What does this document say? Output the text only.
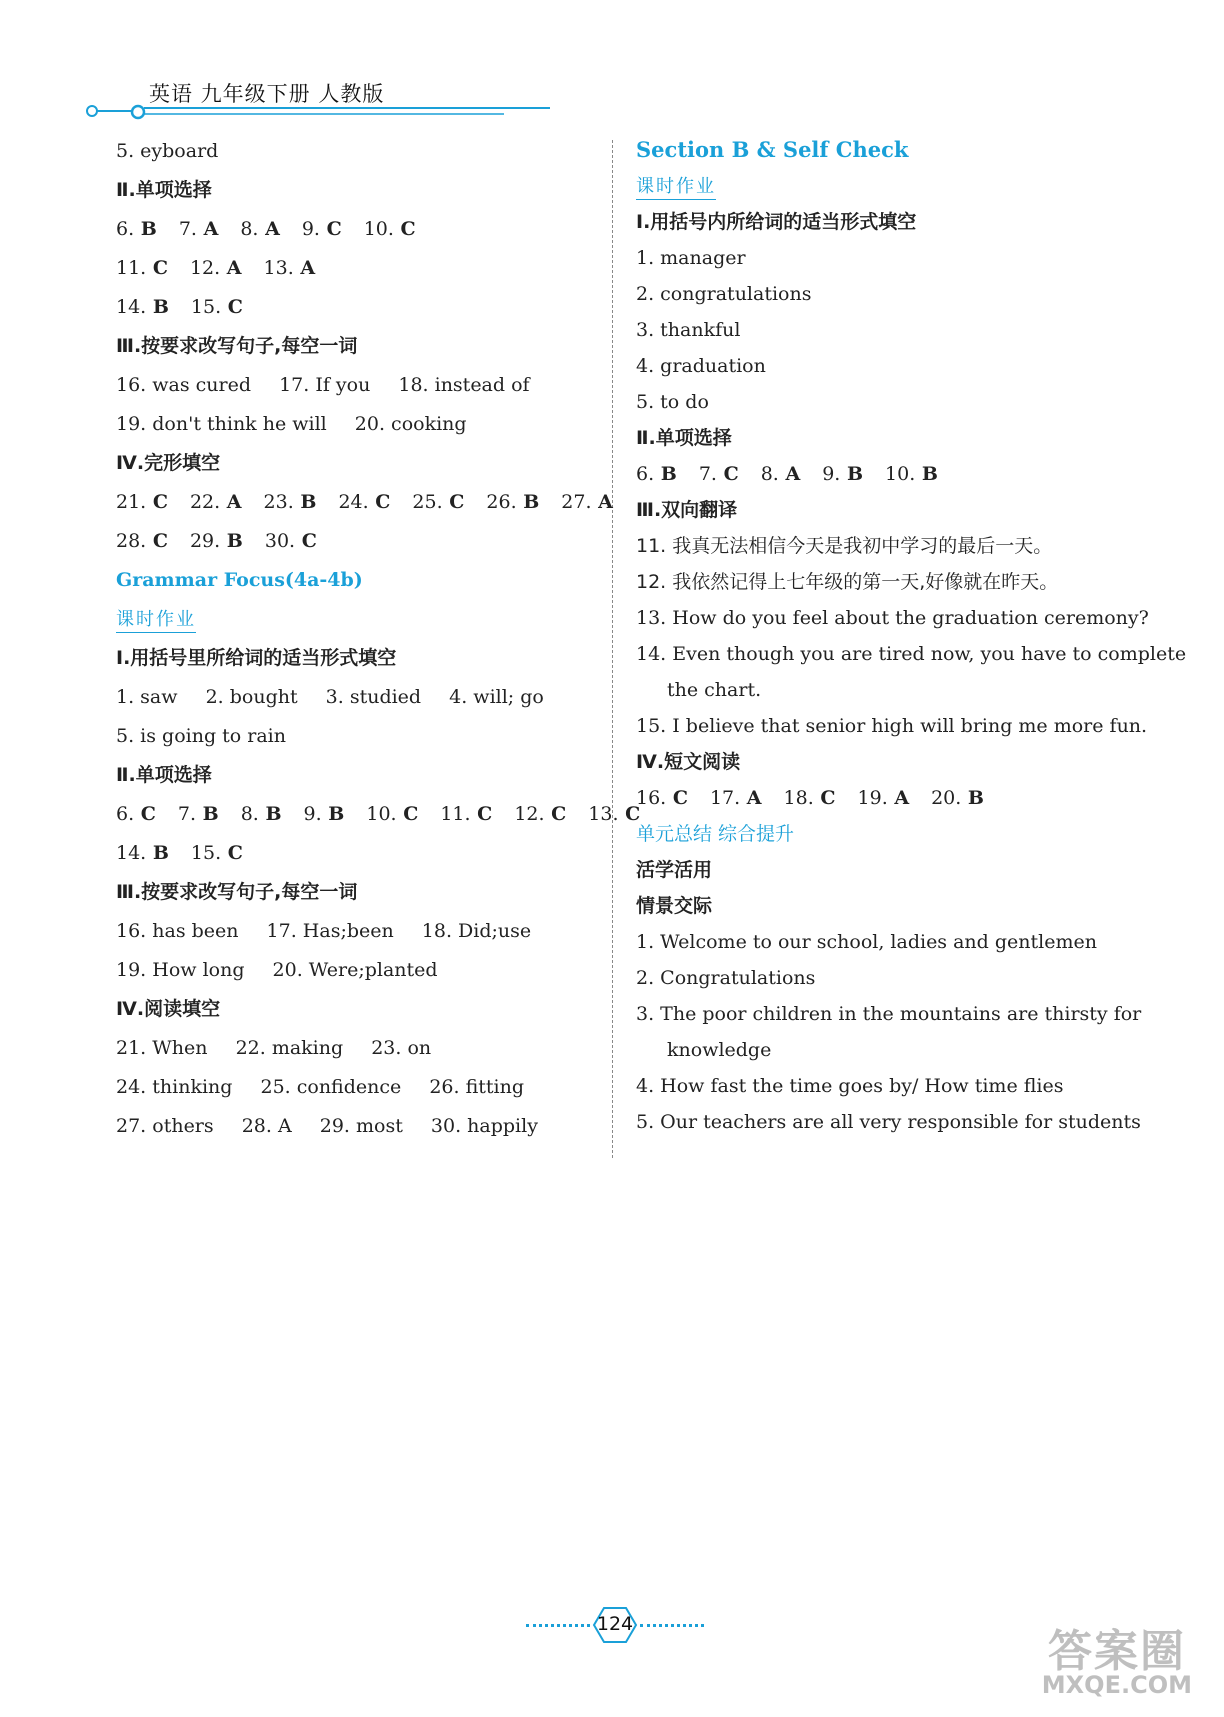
英语 九年级下册 人教版
5. eyboard
Ⅱ.单项选择
6. B 7. A 8. A 9. C 10. C
11. C 12. A 13. A
14. B 15. C
Ⅲ.按要求改写句子,每空一词
16. was cured 17. If you 18. instead of
19. don't think he will 20. cooking
Ⅳ.完形填空
21. C 22. A 23. B 24. C 25. C 26. B 27. A
28. C 29. B 30. C
Grammar Focus(4a-4b)
课时作业
Ⅰ.用括号里所给词的适当形式填空
1. saw 2. bought 3. studied 4. will; go
5. is going to rain
Ⅱ.单项选择
6. C 7. B 8. B 9. B 10. C 11. C 12. C 13. C
14. B 15. C
Ⅲ.按要求改写句子,每空一词
16. has been 17. Has;been 18. Did;use
19. How long 20. Were;planted
Ⅳ.阅读填空
21. When 22. making 23. on
24. thinking 25. confidence 26. fitting
27. others 28. A 29. most 30. happily
Section B & Self Check
课时作业
Ⅰ.用括号内所给词的适当形式填空
1. manager
2. congratulations
3. thankful
4. graduation
5. to do
Ⅱ.单项选择
6. B 7. C 8. A 9. B 10. B
Ⅲ.双向翻译
11. 我真无法相信今天是我初中学习的最后一天。
12. 我依然记得上七年级的第一天,好像就在昨天。
13. How do you feel about the graduation ceremony?
14. Even though you are tired now, you have to complete
the chart.
15. I believe that senior high will bring me more fun.
Ⅳ.短文阅读
16. C 17. A 18. C 19. A 20. B
单元总结 综合提升
活学活用
情景交际
1. Welcome to our school, ladies and gentlemen
2. Congratulations
3. The poor children in the mountains are thirsty for
knowledge
4. How fast the time goes by/ How time flies
5. Our teachers are all very responsible for students
124
答案圈
MXQE.COM
